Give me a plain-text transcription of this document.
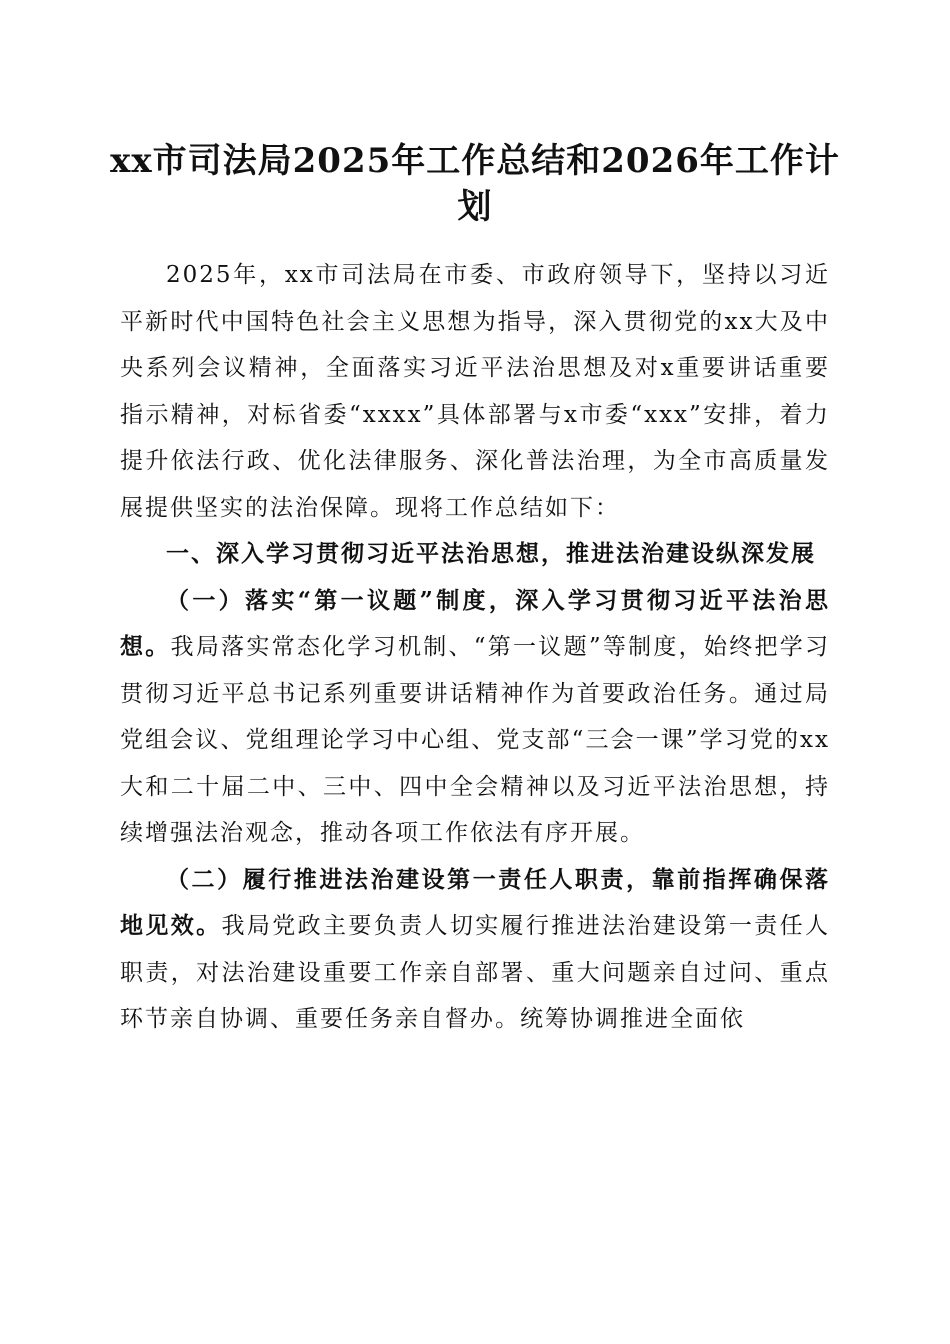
xx市司法局2025年工作总结和2026年工作计划

2025年，xx市司法局在市委、市政府领导下，坚持以习近平新时代中国特色社会主义思想为指导，深入贯彻党的xx大及中央系列会议精神，全面落实习近平法治思想及对x重要讲话重要指示精神，对标省委“xxxx”具体部署与x市委“xxx”安排，着力提升依法行政、优化法律服务、深化普法治理，为全市高质量发展提供坚实的法治保障。现将工作总结如下：

一、深入学习贯彻习近平法治思想，推进法治建设纵深发展

（一）落实“第一议题”制度，深入学习贯彻习近平法治思想。我局落实常态化学习机制、“第一议题”等制度，始终把学习贯彻习近平总书记系列重要讲话精神作为首要政治任务。通过局党组会议、党组理论学习中心组、党支部“三会一课”学习党的xx大和二十届二中、三中、四中全会精神以及习近平法治思想，持续增强法治观念，推动各项工作依法有序开展。

（二）履行推进法治建设第一责任人职责，靠前指挥确保落地见效。我局党政主要负责人切实履行推进法治建设第一责任人职责，对法治建设重要工作亲自部署、重大问题亲自过问、重点环节亲自协调、重要任务亲自督办。统筹协调推进全面依
